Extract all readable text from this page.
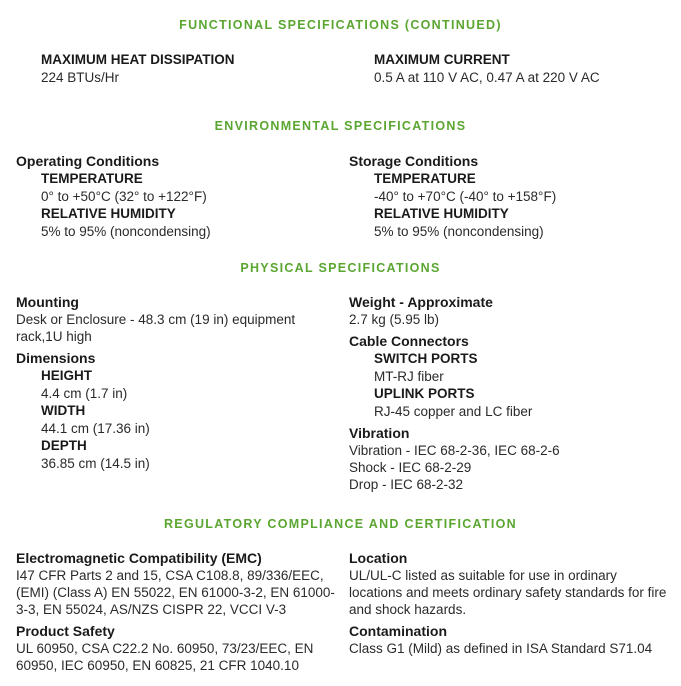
FUNCTIONAL SPECIFICATIONS (CONTINUED)
MAXIMUM HEAT DISSIPATION
224 BTUs/Hr
MAXIMUM CURRENT
0.5 A at 110 V AC, 0.47 A at 220 V AC
ENVIRONMENTAL SPECIFICATIONS
Operating Conditions
TEMPERATURE
0° to +50°C (32° to +122°F)
RELATIVE HUMIDITY
5% to 95% (noncondensing)
Storage Conditions
TEMPERATURE
-40° to +70°C (-40° to +158°F)
RELATIVE HUMIDITY
5% to 95% (noncondensing)
PHYSICAL SPECIFICATIONS
Mounting
Desk or Enclosure - 48.3 cm (19 in) equipment
rack,1U high
Dimensions
HEIGHT
4.4 cm (1.7 in)
WIDTH
44.1 cm (17.36 in)
DEPTH
36.85 cm (14.5 in)
Weight - Approximate
2.7 kg (5.95 lb)
Cable Connectors
SWITCH PORTS
MT-RJ fiber
UPLINK PORTS
RJ-45 copper and LC fiber
Vibration
Vibration - IEC 68-2-36, IEC 68-2-6
Shock - IEC 68-2-29
Drop - IEC 68-2-32
REGULATORY COMPLIANCE AND CERTIFICATION
Electromagnetic Compatibility (EMC)
I47 CFR Parts 2 and 15, CSA C108.8, 89/336/EEC,
(EMI) (Class A) EN 55022, EN 61000-3-2, EN 61000-
3-3, EN 55024, AS/NZS CISPR 22, VCCI V-3
Product Safety
UL 60950, CSA C22.2 No. 60950, 73/23/EEC, EN
60950, IEC 60950, EN 60825, 21 CFR 1040.10
Location
UL/UL-C listed as suitable for use in ordinary
locations and meets ordinary safety standards for fire
and shock hazards.
Contamination
Class G1 (Mild) as defined in ISA Standard S71.04
